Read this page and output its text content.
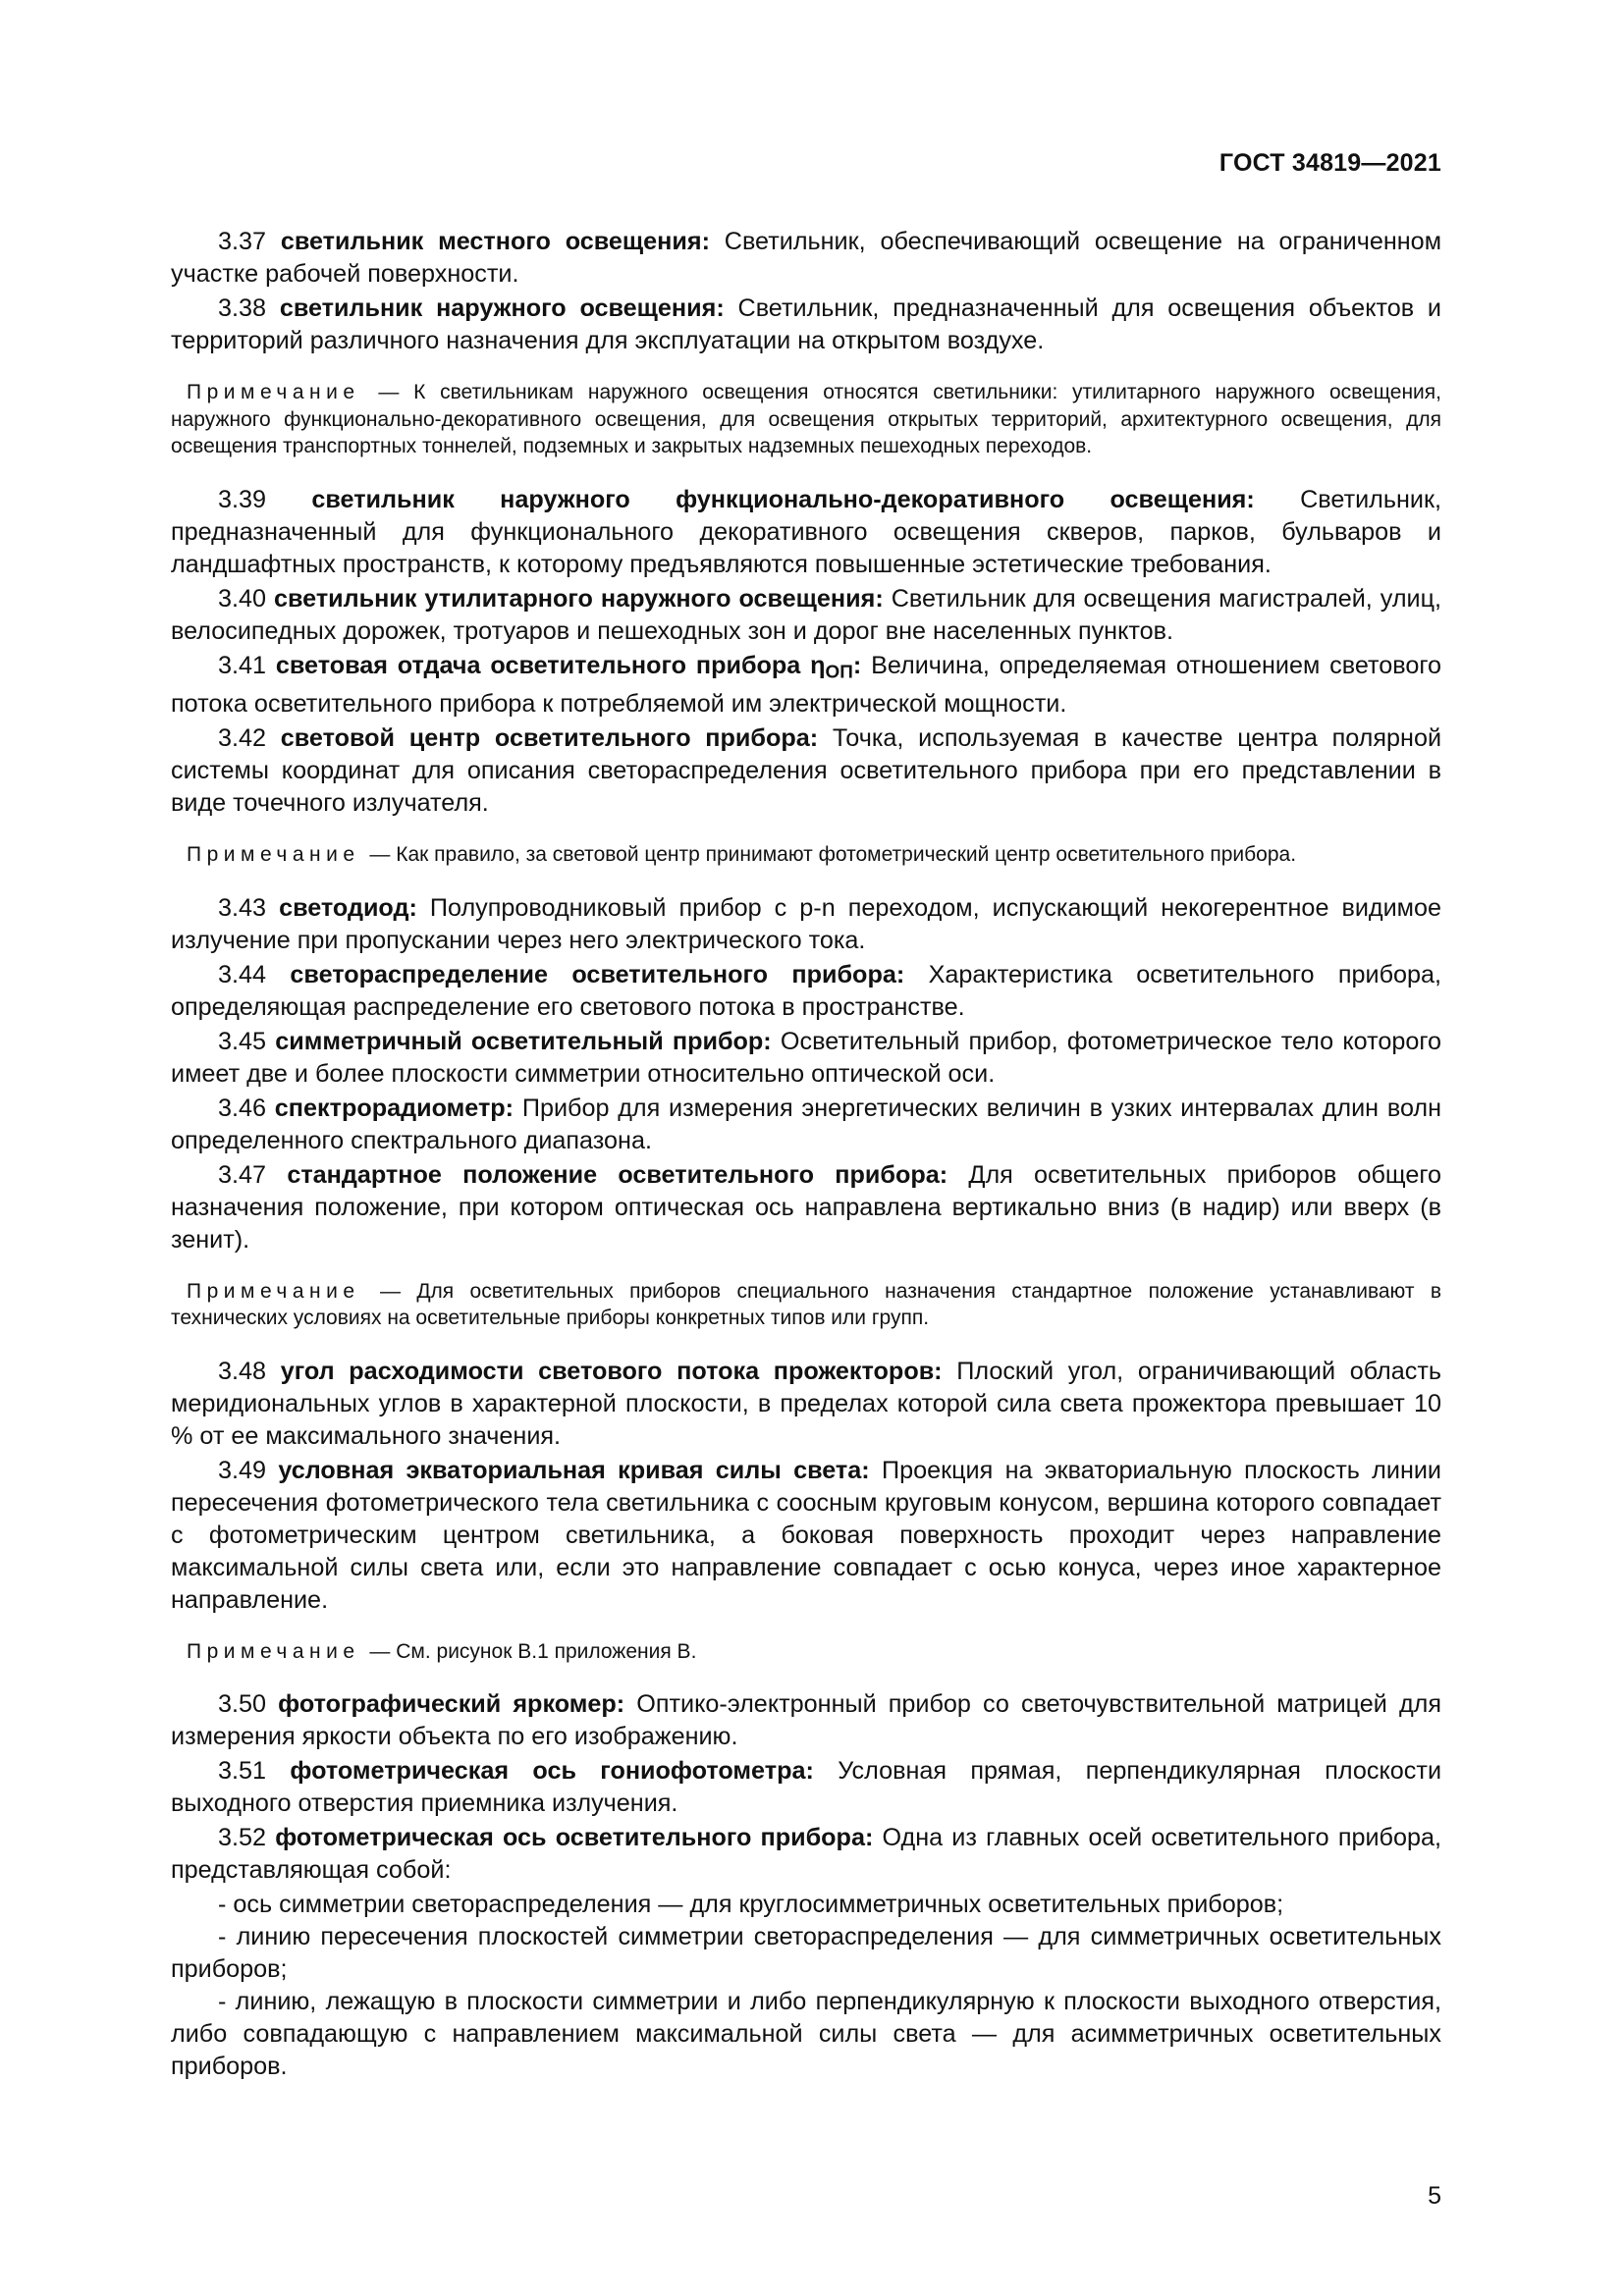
ГОСТ 34819—2021

3.37 светильник местного освещения: Светильник, обеспечивающий освещение на ограниченном участке рабочей поверхности.

3.38 светильник наружного освещения: Светильник, предназначенный для освещения объектов и территорий различного назначения для эксплуатации на открытом воздухе.

Примечание — К светильникам наружного освещения относятся светильники: утилитарного наружного освещения, наружного функционально-декоративного освещения, для освещения открытых территорий, архитектурного освещения, для освещения транспортных тоннелей, подземных и закрытых надземных пешеходных переходов.

3.39 светильник наружного функционально-декоративного освещения: Светильник, предназначенный для функционального декоративного освещения скверов, парков, бульваров и ландшафтных пространств, к которому предъявляются повышенные эстетические требования.

3.40 светильник утилитарного наружного освещения: Светильник для освещения магистралей, улиц, велосипедных дорожек, тротуаров и пешеходных зон и дорог вне населенных пунктов.

3.41 световая отдача осветительного прибора $\eta_{ОП}$: Величина, определяемая отношением светового потока осветительного прибора к потребляемой им электрической мощности.

3.42 световой центр осветительного прибора: Точка, используемая в качестве центра полярной системы координат для описания светораспределения осветительного прибора при его представлении в виде точечного излучателя.

Примечание — Как правило, за световой центр принимают фотометрический центр осветительного прибора.

3.43 светодиод: Полупроводниковый прибор с p-n переходом, испускающий некогерентное видимое излучение при пропускании через него электрического тока.

3.44 светораспределение осветительного прибора: Характеристика осветительного прибора, определяющая распределение его светового потока в пространстве.

3.45 симметричный осветительный прибор: Осветительный прибор, фотометрическое тело которого имеет две и более плоскости симметрии относительно оптической оси.

3.46 спектрорадиометр: Прибор для измерения энергетических величин в узких интервалах длин волн определенного спектрального диапазона.

3.47 стандартное положение осветительного прибора: Для осветительных приборов общего назначения положение, при котором оптическая ось направлена вертикально вниз (в надир) или вверх (в зенит).

Примечание — Для осветительных приборов специального назначения стандартное положение устанавливают в технических условиях на осветительные приборы конкретных типов или групп.

3.48 угол расходимости светового потока прожекторов: Плоский угол, ограничивающий область меридиональных углов в характерной плоскости, в пределах которой сила света прожектора превышает 10 % от ее максимального значения.

3.49 условная экваториальная кривая силы света: Проекция на экваториальную плоскость линии пересечения фотометрического тела светильника с соосным круговым конусом, вершина которого совпадает с фотометрическим центром светильника, а боковая поверхность проходит через направление максимальной силы света или, если это направление совпадает с осью конуса, через иное характерное направление.

Примечание — См. рисунок В.1 приложения В.

3.50 фотографический яркомер: Оптико-электронный прибор со светочувствительной матрицей для измерения яркости объекта по его изображению.

3.51 фотометрическая ось гониофотометра: Условная прямая, перпендикулярная плоскости выходного отверстия приемника излучения.

3.52 фотометрическая ось осветительного прибора: Одна из главных осей осветительного прибора, представляющая собой:

- ось симметрии светораспределения — для круглосимметричных осветительных приборов;

- линию пересечения плоскостей симметрии светораспределения — для симметричных осветительных приборов;

- линию, лежащую в плоскости симметрии и либо перпендикулярную к плоскости выходного отверстия, либо совпадающую с направлением максимальной силы света — для асимметричных осветительных приборов.

5
